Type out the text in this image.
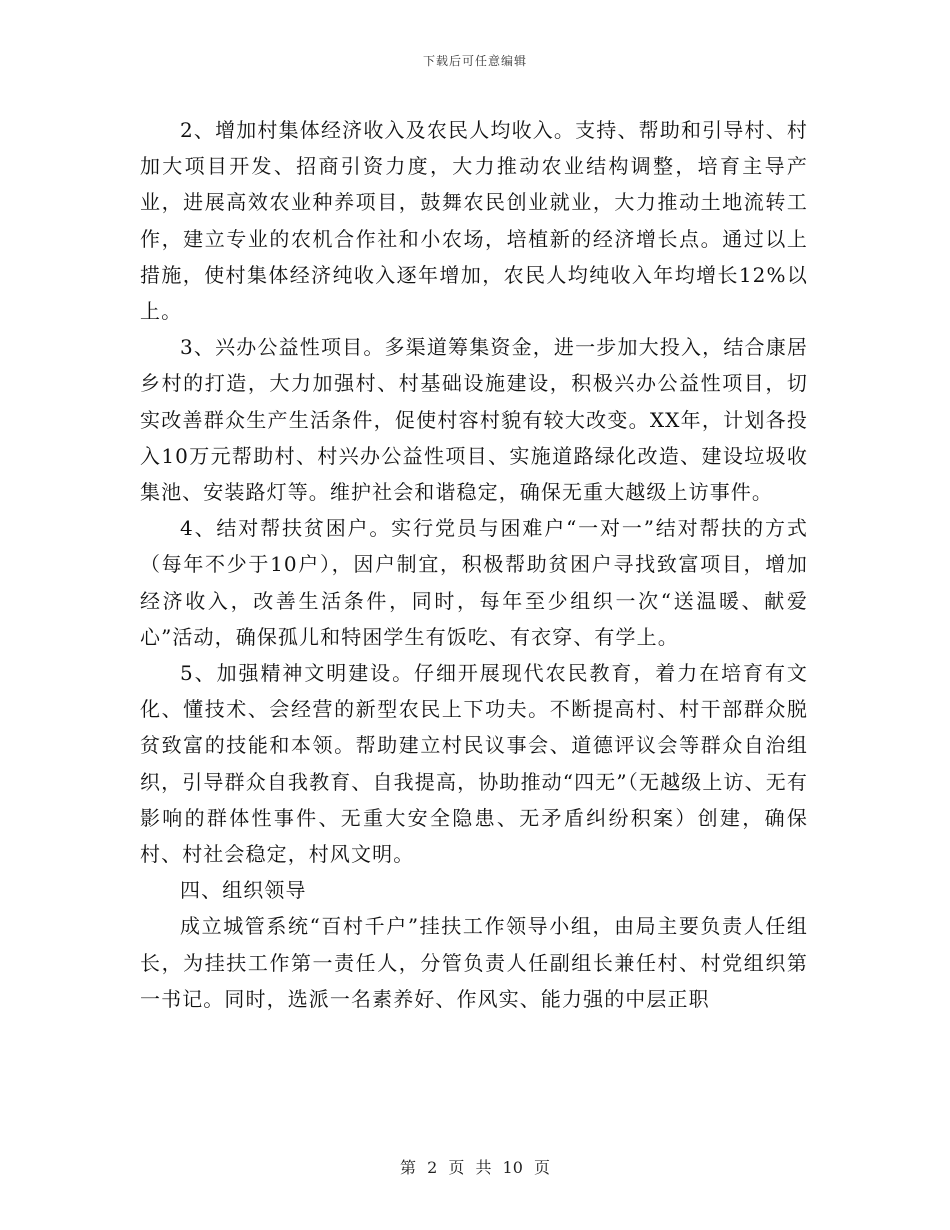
下载后可任意编辑

2、增加村集体经济收入及农民人均收入。支持、帮助和引导村、村加大项目开发、招商引资力度，大力推动农业结构调整，培育主导产业，进展高效农业种养项目，鼓舞农民创业就业，大力推动土地流转工作，建立专业的农机合作社和小农场，培植新的经济增长点。通过以上措施，使村集体经济纯收入逐年增加，农民人均纯收入年均增长12%以上。

3、兴办公益性项目。多渠道筹集资金，进一步加大投入，结合康居乡村的打造，大力加强村、村基础设施建设，积极兴办公益性项目，切实改善群众生产生活条件，促使村容村貌有较大改变。XX年，计划各投入10万元帮助村、村兴办公益性项目、实施道路绿化改造、建设垃圾收集池、安装路灯等。维护社会和谐稳定，确保无重大越级上访事件。

4、结对帮扶贫困户。实行党员与困难户“一对一”结对帮扶的方式（每年不少于10户），因户制宜，积极帮助贫困户寻找致富项目，增加经济收入，改善生活条件，同时，每年至少组织一次“送温暖、献爱心”活动，确保孤儿和特困学生有饭吃、有衣穿、有学上。

5、加强精神文明建设。仔细开展现代农民教育，着力在培育有文化、懂技术、会经营的新型农民上下功夫。不断提高村、村干部群众脱贫致富的技能和本领。帮助建立村民议事会、道德评议会等群众自治组织，引导群众自我教育、自我提高，协助推动“四无”（无越级上访、无有影响的群体性事件、无重大安全隐患、无矛盾纠纷积案）创建，确保村、村社会稳定，村风文明。

四、组织领导

成立城管系统“百村千户”挂扶工作领导小组，由局主要负责人任组长，为挂扶工作第一责任人，分管负责人任副组长兼任村、村党组织第一书记。同时，选派一名素养好、作风实、能力强的中层正职

第 2 页 共 10 页
